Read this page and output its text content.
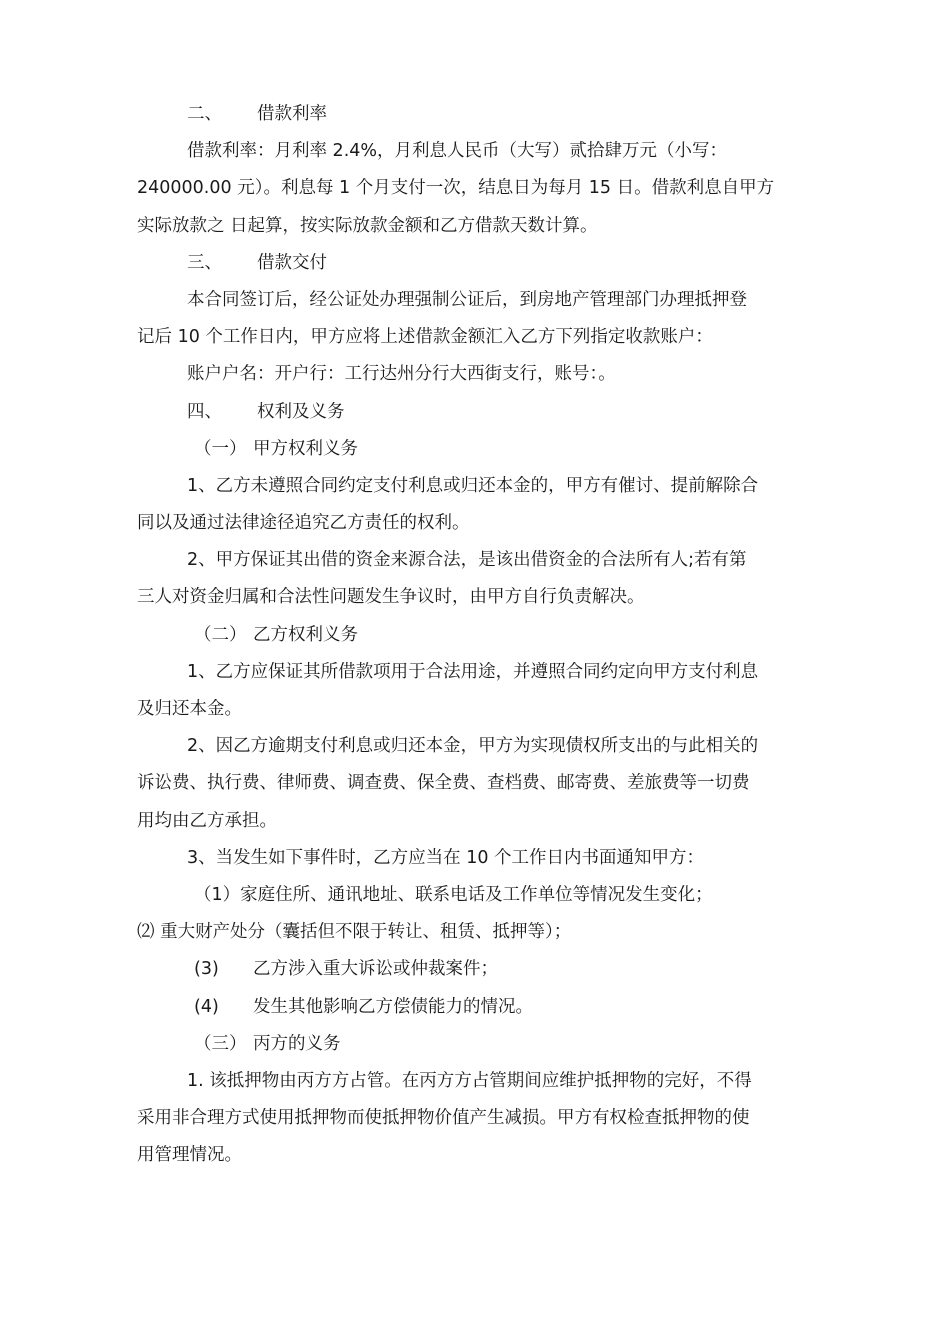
二、 借款利率
借款利率：月利率 2.4%，月利息人民币（大写）贰拾肆万元（小写：
240000.00 元）。利息每 1 个月支付一次，结息日为每月 15 日。借款利息自甲方
实际放款之 日起算，按实际放款金额和乙方借款天数计算。
三、 借款交付
本合同签订后，经公证处办理强制公证后，到房地产管理部门办理抵押登
记后 10 个工作日内，甲方应将上述借款金额汇入乙方下列指定收款账户：
账户户名：开户行：工行达州分行大西街支行，账号：。
四、 权利及义务
（一） 甲方权利义务
1、乙方未遵照合同约定支付利息或归还本金的，甲方有催讨、提前解除合
同以及通过法律途径追究乙方责任的权利。
2、甲方保证其出借的资金来源合法，是该出借资金的合法所有人;若有第
三人对资金归属和合法性问题发生争议时，由甲方自行负责解决。
（二） 乙方权利义务
1、乙方应保证其所借款项用于合法用途，并遵照合同约定向甲方支付利息
及归还本金。
2、因乙方逾期支付利息或归还本金，甲方为实现债权所支出的与此相关的
诉讼费、执行费、律师费、调查费、保全费、查档费、邮寄费、差旅费等一切费
用均由乙方承担。
3、当发生如下事件时，乙方应当在 10 个工作日内书面通知甲方：
（1）家庭住所、通讯地址、联系电话及工作单位等情况发生变化；
⑵ 重大财产处分（囊括但不限于转让、租赁、抵押等）；
(3) 乙方涉入重大诉讼或仲裁案件；
(4) 发生其他影响乙方偿债能力的情况。
（三） 丙方的义务
1. 该抵押物由丙方方占管。在丙方方占管期间应维护抵押物的完好，不得
采用非合理方式使用抵押物而使抵押物价值产生减损。甲方有权检查抵押物的使
用管理情况。
